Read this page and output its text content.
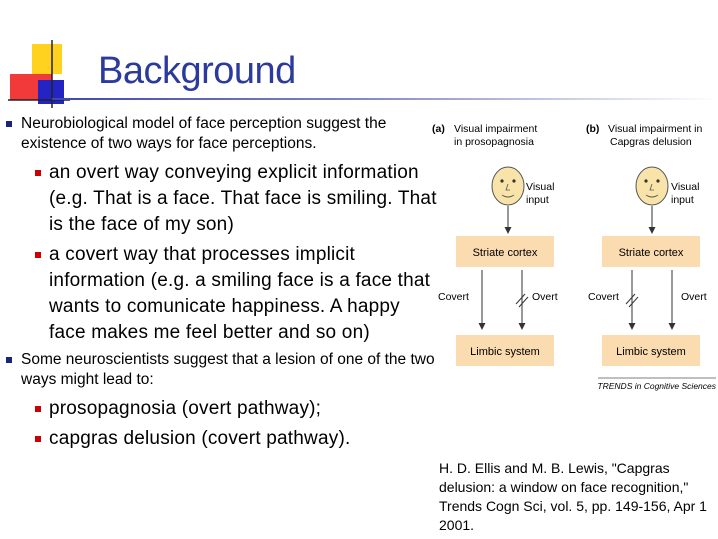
Background
Neurobiological model of face perception suggest the existence of two ways for face perceptions.
an overt way conveying explicit information (e.g. That is a face. That face is smiling. That is the face of my son)
a covert way that processes implicit information (e.g. a smiling face is a face that wants to comunicate happiness. A happy face makes me feel better and so on)
Some neuroscientists suggest that a lesion of one of the two ways might lead to:
prosopagnosia (overt pathway);
capgras delusion (covert pathway).
(a) Visual impairment
in prosopagnosia
Visual
input
Striate cortex
Covert	Overt
Limbic system
(b) Visual impairment in
Capgras delusion
Visual
input
Striate cortex
Covert	Overt
Limbic system
TRENDS in Cognitive Sciences
H. D. Ellis and M. B. Lewis, "Capgras delusion: a window on face recognition," Trends Cogn Sci, vol. 5, pp. 149-156, Apr 1 2001.
